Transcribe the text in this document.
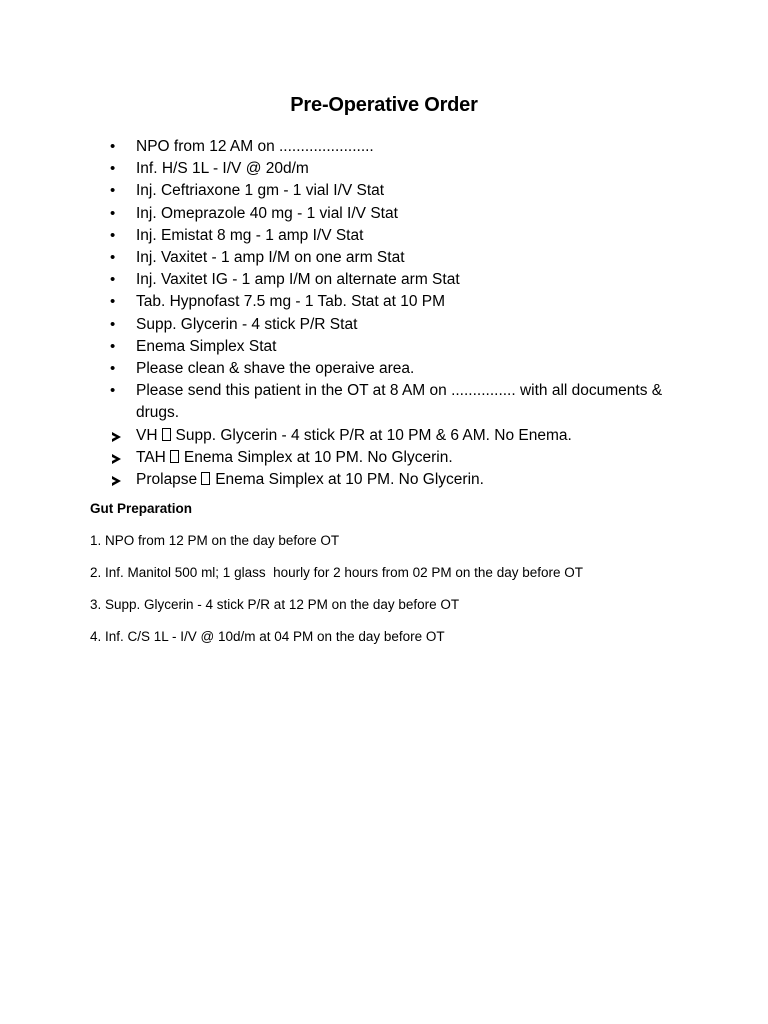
Pre-Operative Order
•	NPO from 12 AM on ......................
•	Inf. H/S 1L - I/V @ 20d/m
•	Inj. Ceftriaxone 1 gm - 1 vial I/V Stat
•	Inj. Omeprazole 40 mg - 1 vial I/V Stat
•	Inj. Emistat 8 mg - 1 amp I/V Stat
•	Inj. Vaxitet - 1 amp I/M on one arm Stat
•	Inj. Vaxitet IG - 1 amp I/M on alternate arm Stat
•	Tab. Hypnofast 7.5 mg - 1 Tab. Stat at 10 PM
•	Supp. Glycerin - 4 stick P/R Stat
•	Enema Simplex Stat
•	Please clean & shave the operaive area.
•	Please send this patient in the OT at 8 AM on ............... with all documents & drugs.
VH Supp. Glycerin - 4 stick P/R at 10 PM & 6 AM. No Enema.
TAH Enema Simplex at 10 PM. No Glycerin.
Prolapse Enema Simplex at 10 PM. No Glycerin.
Gut Preparation
1. NPO from 12 PM on the day before OT
2. Inf. Manitol 500 ml; 1 glass  hourly for 2 hours from 02 PM on the day before OT
3. Supp. Glycerin - 4 stick P/R at 12 PM on the day before OT
4. Inf. C/S 1L - I/V @ 10d/m at 04 PM on the day before OT
